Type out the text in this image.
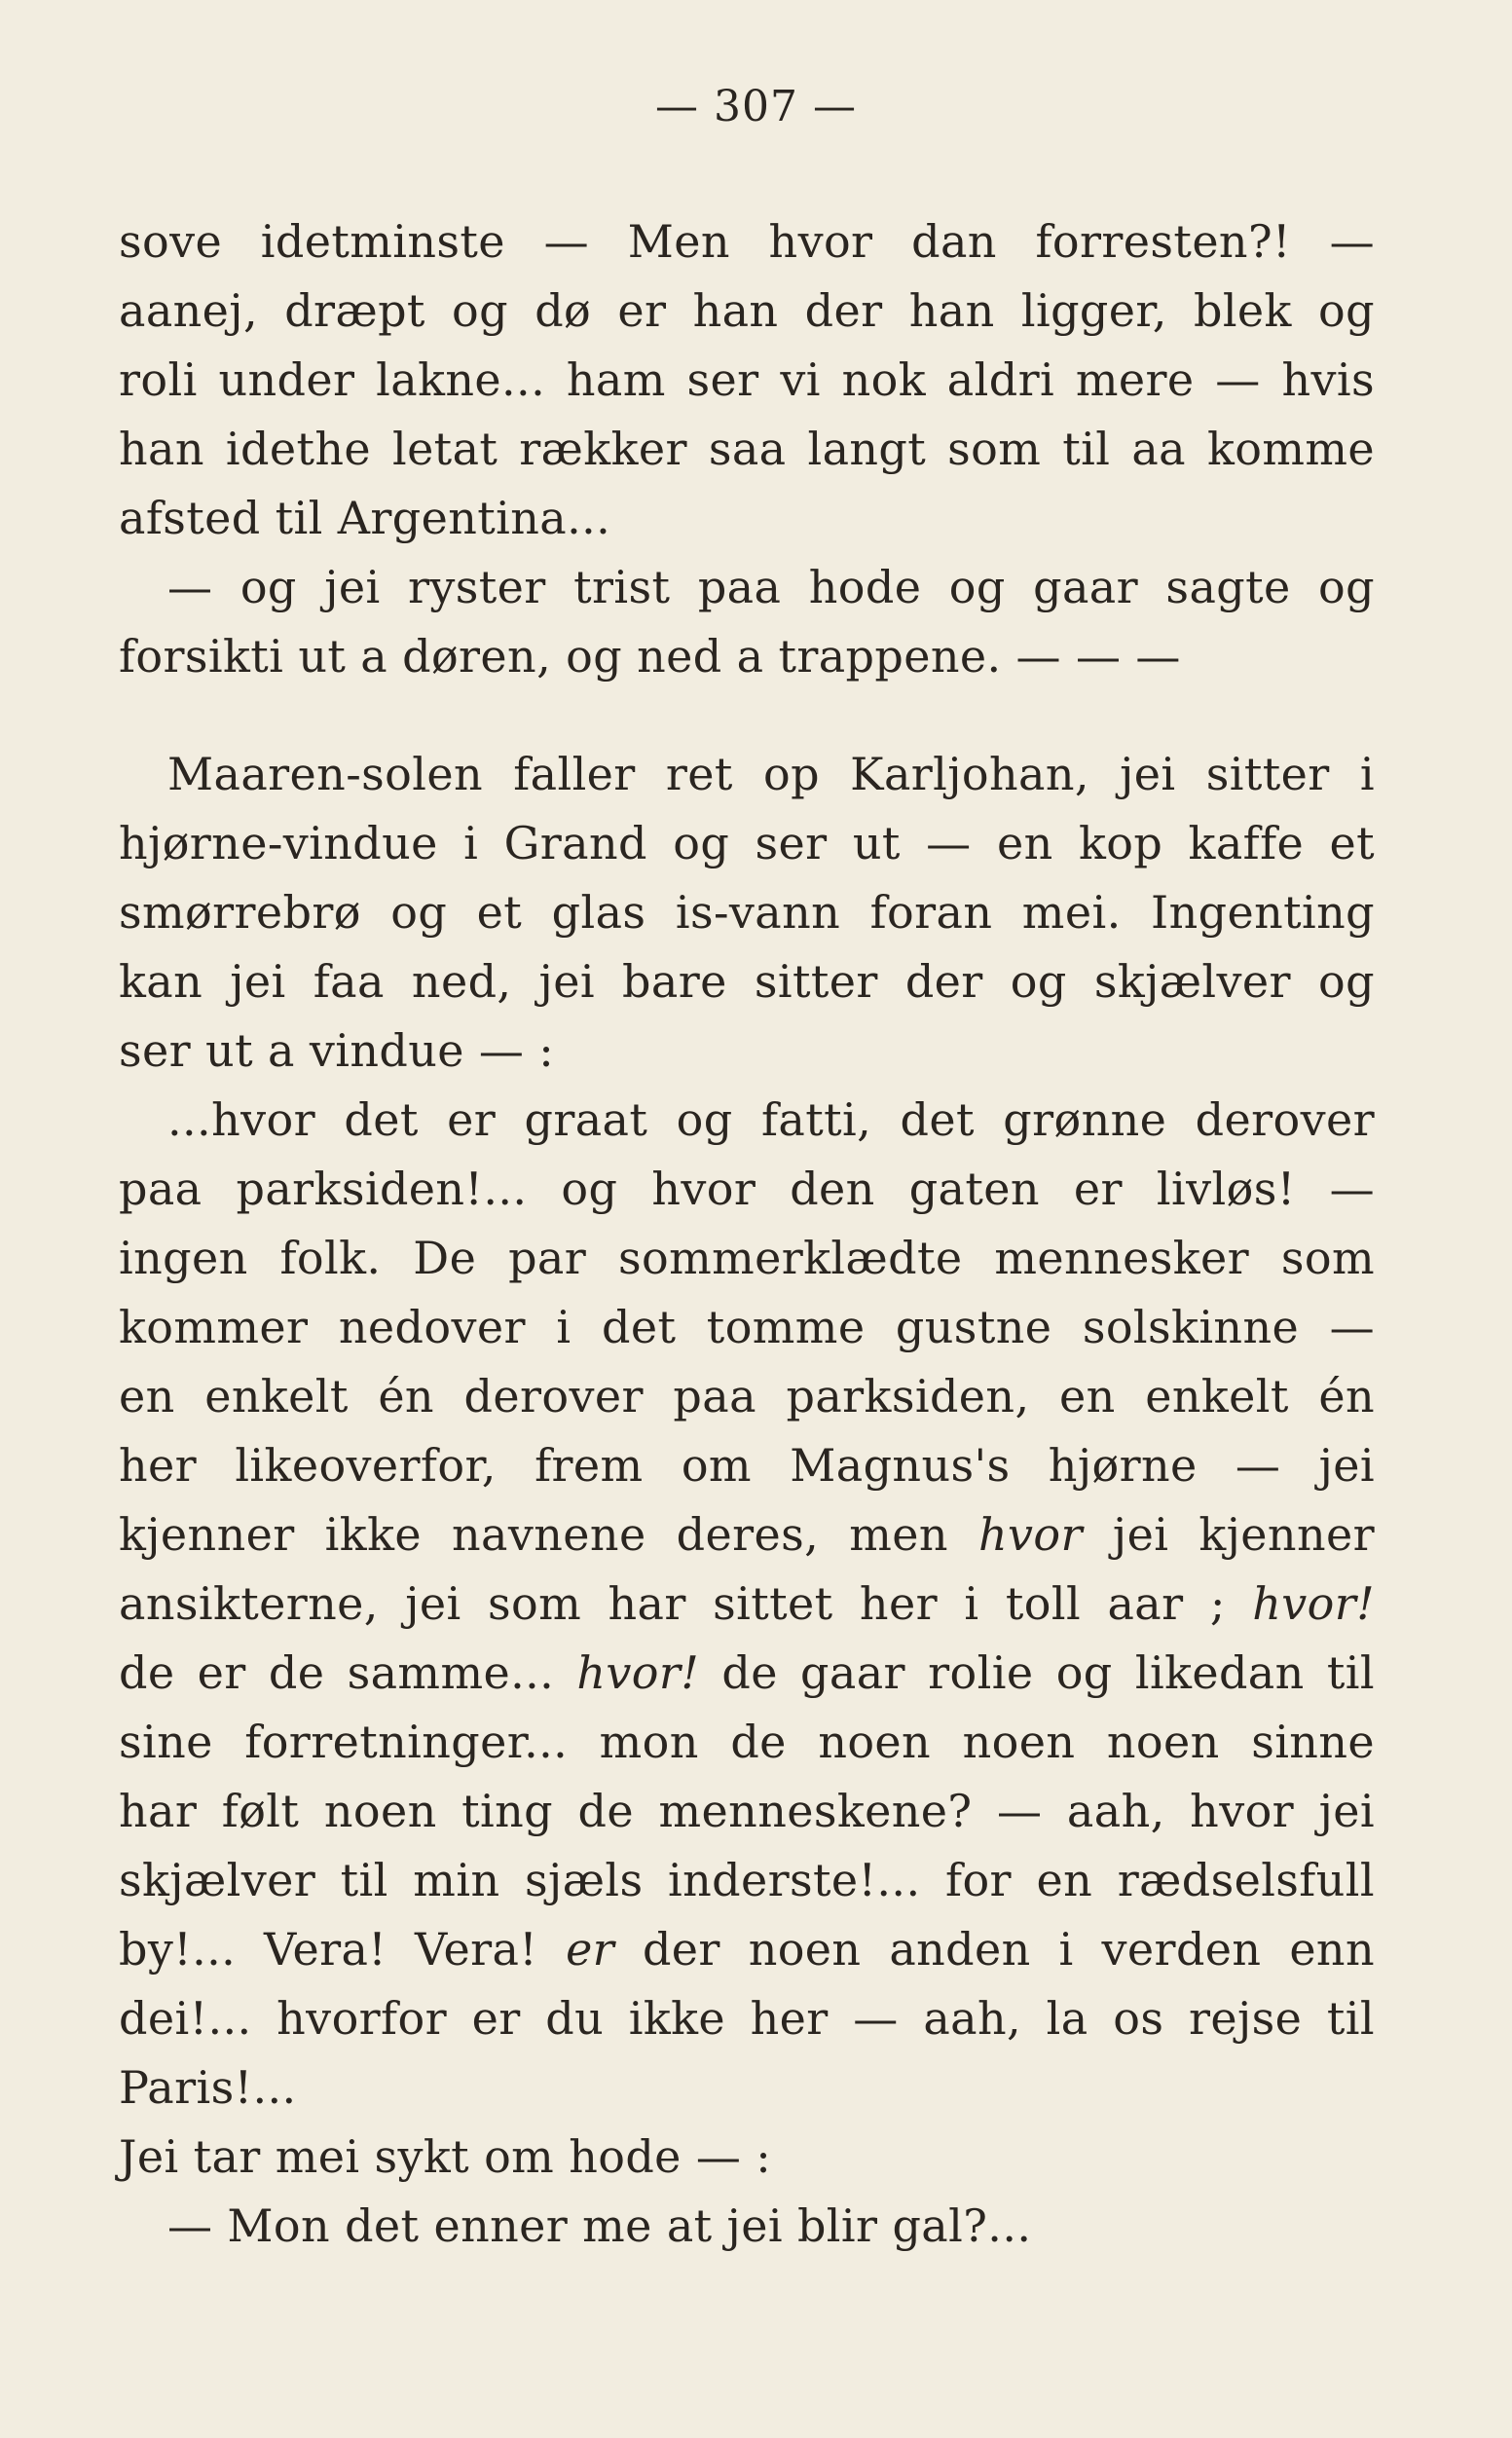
— 307 —
sove idetminste — Men hvor dan forresten?! —
aanej, dræpt og dø er han der han ligger, blek og
roli under lakne... ham ser vi nok aldri mere — hvis
han idethe letat rækker saa langt som til aa komme
afsted til Argentina...
— og jei ryster trist paa hode og gaar sagte og
forsikti ut a døren, og ned a trappene. — — —
Maaren-solen faller ret op Karljohan, jei sitter i
hjørne-vindue i Grand og ser ut — en kop kaffe et
smørrebrø og et glas is-vann foran mei. Ingenting
kan jei faa ned, jei bare sitter der og skjælver og
ser ut a vindue — :
...hvor det er graat og fatti, det grønne derover
paa parksiden!... og hvor den gaten er livløs! —
ingen folk. De par sommerklædte mennesker som
kommer nedover i det tomme gustne solskinne —
en enkelt én derover paa parksiden, en enkelt én
her likeoverfor, frem om Magnus's hjørne — jei
kjenner ikke navnene deres, men hvor jei kjenner
ansikterne, jei som har sittet her i toll aar ; hvor!
de er de samme... hvor! de gaar rolie og likedan til
sine forretninger... mon de noen noen noen sinne
har følt noen ting de menneskene? — aah, hvor jei
skjælver til min sjæls inderste!... for en rædselsfull
by!... Vera! Vera! er der noen anden i verden enn
dei!... hvorfor er du ikke her — aah, la os rejse til
Paris!...
Jei tar mei sykt om hode — :
— Mon det enner me at jei blir gal?...
